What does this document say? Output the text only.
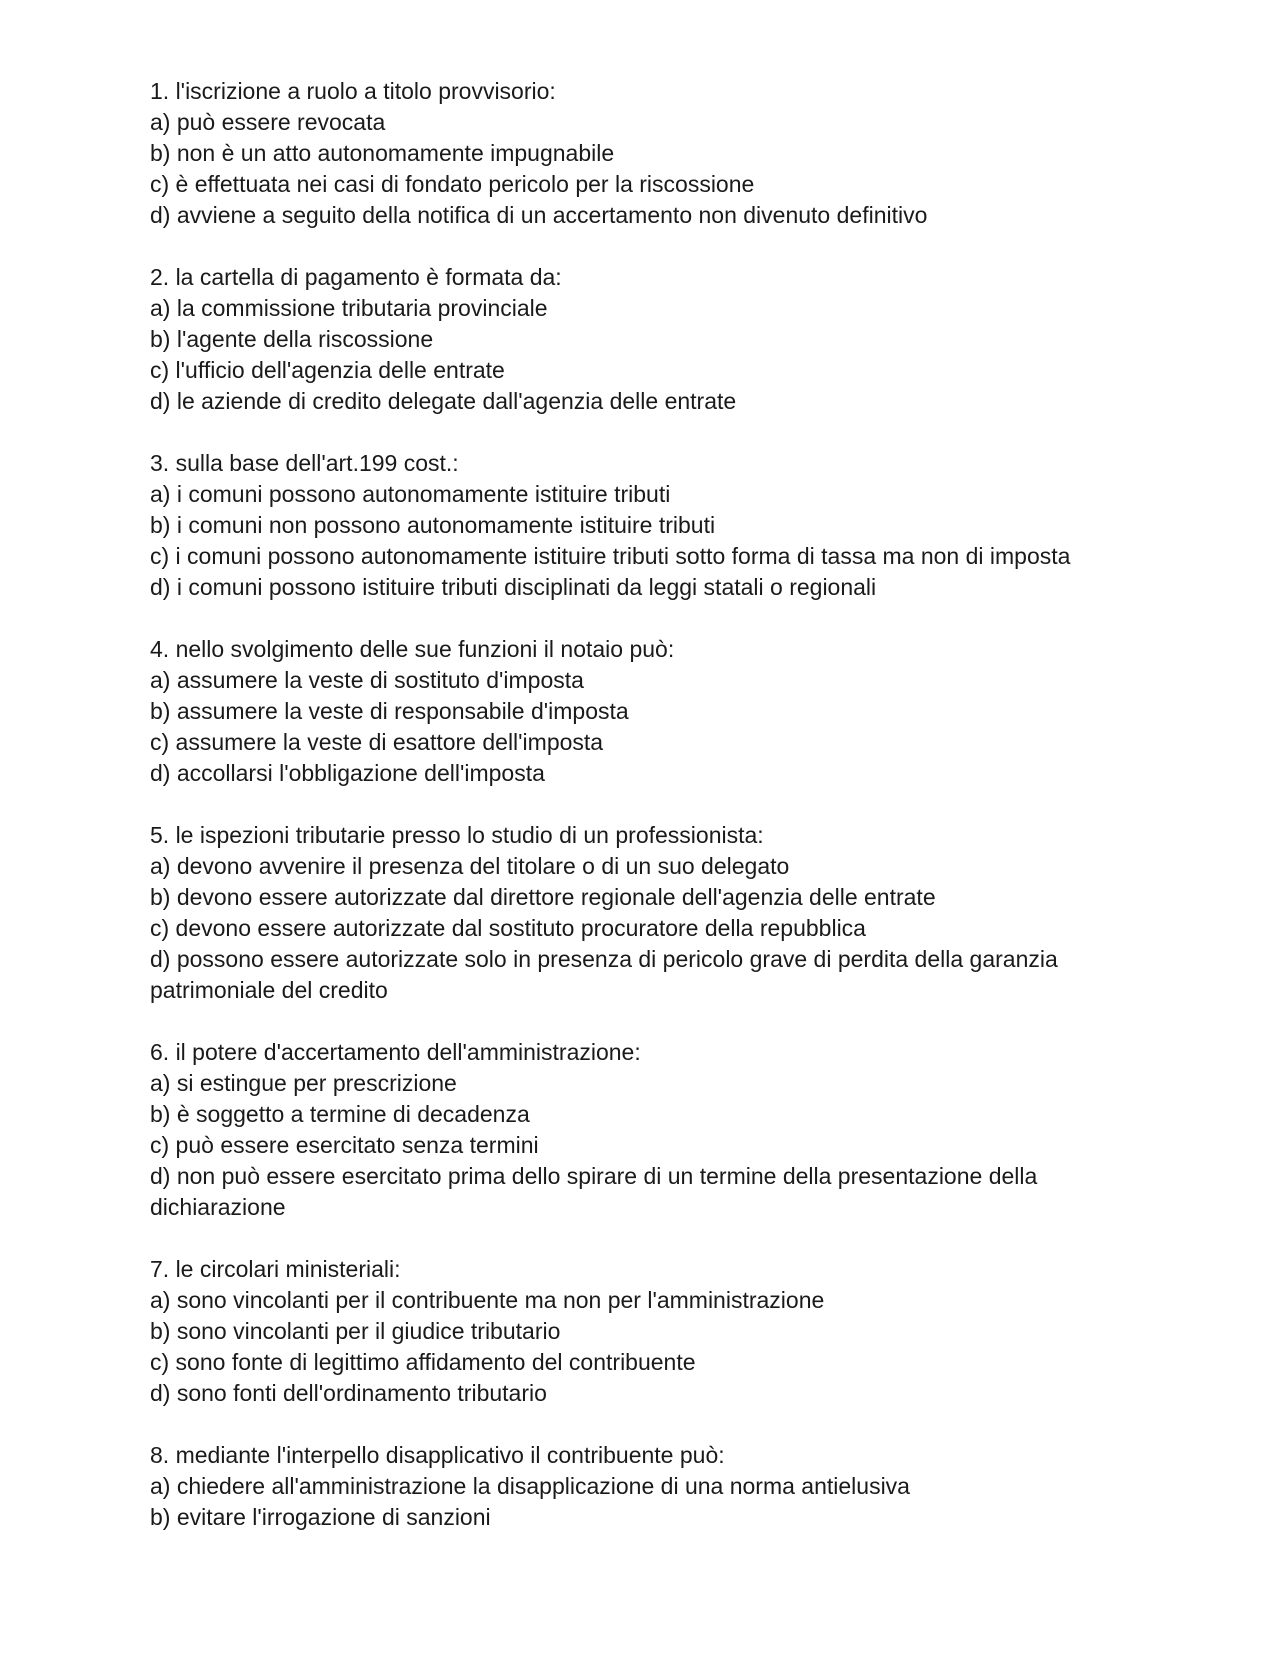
1. l'iscrizione a ruolo a titolo provvisorio:
a) può essere revocata
b) non è un atto autonomamente impugnabile
c) è effettuata nei casi di fondato pericolo per la riscossione
d) avviene a seguito della notifica di un accertamento non divenuto definitivo
2. la cartella di pagamento è formata da:
a) la commissione tributaria provinciale
b) l'agente della riscossione
c) l'ufficio dell'agenzia delle entrate
d) le aziende di credito delegate dall'agenzia delle entrate
3. sulla base dell'art.199 cost.:
a) i comuni possono autonomamente istituire tributi
b) i comuni non possono autonomamente istituire tributi
c) i comuni possono autonomamente istituire tributi sotto forma di tassa ma non di imposta
d) i comuni possono istituire tributi disciplinati da leggi statali o regionali
4. nello svolgimento delle sue funzioni il notaio può:
a) assumere la veste di sostituto d'imposta
b) assumere la veste di responsabile d'imposta
c) assumere la veste di esattore dell'imposta
d) accollarsi l'obbligazione dell'imposta
5. le ispezioni tributarie presso lo studio di un professionista:
a) devono avvenire il presenza del titolare o di un suo delegato
b) devono essere autorizzate dal direttore regionale dell'agenzia delle entrate
c) devono essere autorizzate dal sostituto procuratore della repubblica
d) possono essere autorizzate solo in presenza di pericolo grave di perdita della garanzia patrimoniale del credito
6. il potere d'accertamento dell'amministrazione:
a) si estingue per prescrizione
b) è soggetto a termine di decadenza
c) può essere esercitato senza termini
d) non può essere esercitato prima dello spirare di un termine della presentazione della dichiarazione
7. le circolari ministeriali:
a) sono vincolanti per il contribuente ma non per l'amministrazione
b) sono vincolanti per il giudice tributario
c) sono fonte di legittimo affidamento del contribuente
d) sono fonti dell'ordinamento tributario
8. mediante l'interpello disapplicativo il contribuente può:
a) chiedere all'amministrazione la disapplicazione di una norma antielusiva
b) evitare l'irrogazione di sanzioni
